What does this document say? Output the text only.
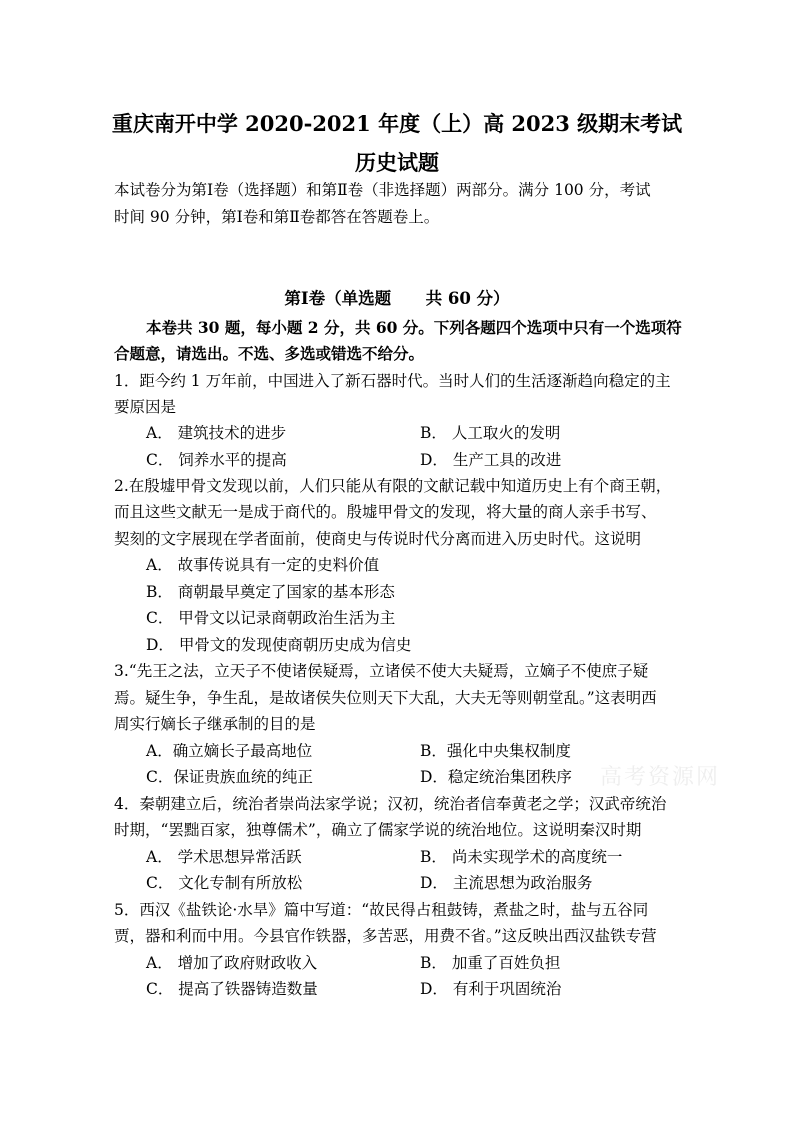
重庆南开中学 2020-2021 年度（上）高 2023 级期末考试
历史试题
本试卷分为第Ⅰ卷（选择题）和第Ⅱ卷（非选择题）两部分。满分 100 分，考试
时间 90 分钟，第Ⅰ卷和第Ⅱ卷都答在答题卷上。
第Ⅰ卷（单选题      共 60 分）
本卷共 30 题，每小题 2 分，共 60 分。下列各题四个选项中只有一个选项符
合题意，请选出。不选、多选或错选不给分。
1．距今约 1 万年前，中国进入了新石器时代。当时人们的生活逐渐趋向稳定的主
要原因是
A． 建筑技术的进步	B． 人工取火的发明
C． 饲养水平的提高	D． 生产工具的改进
2.在殷墟甲骨文发现以前，人们只能从有限的文献记载中知道历史上有个商王朝，
而且这些文献无一是成于商代的。殷墟甲骨文的发现，将大量的商人亲手书写、
契刻的文字展现在学者面前，使商史与传说时代分离而进入历史时代。这说明
A． 故事传说具有一定的史料价值
B． 商朝最早奠定了国家的基本形态
C． 甲骨文以记录商朝政治生活为主
D． 甲骨文的发现使商朝历史成为信史
3.“先王之法，立天子不使诸侯疑焉，立诸侯不使大夫疑焉，立嫡子不使庶子疑
焉。疑生争，争生乱，是故诸侯失位则天下大乱，大夫无等则朝堂乱。”这表明西
周实行嫡长子继承制的目的是
A．确立嫡长子最高地位	B．强化中央集权制度
C．保证贵族血统的纯正	D．稳定统治集团秩序
4．秦朝建立后，统治者崇尚法家学说；汉初，统治者信奉黄老之学；汉武帝统治
时期，“罢黜百家，独尊儒术”，确立了儒家学说的统治地位。这说明秦汉时期
A． 学术思想异常活跃	B． 尚未实现学术的高度统一
C． 文化专制有所放松	D． 主流思想为政治服务
5．西汉《盐铁论·水旱》篇中写道：“故民得占租鼓铸，煮盐之时，盐与五谷同
贾，器和利而中用。今县官作铁器，多苦恶，用费不省。”这反映出西汉盐铁专营
A． 增加了政府财政收入	B． 加重了百姓负担
C． 提高了铁器铸造数量	D． 有利于巩固统治
高考资源网
